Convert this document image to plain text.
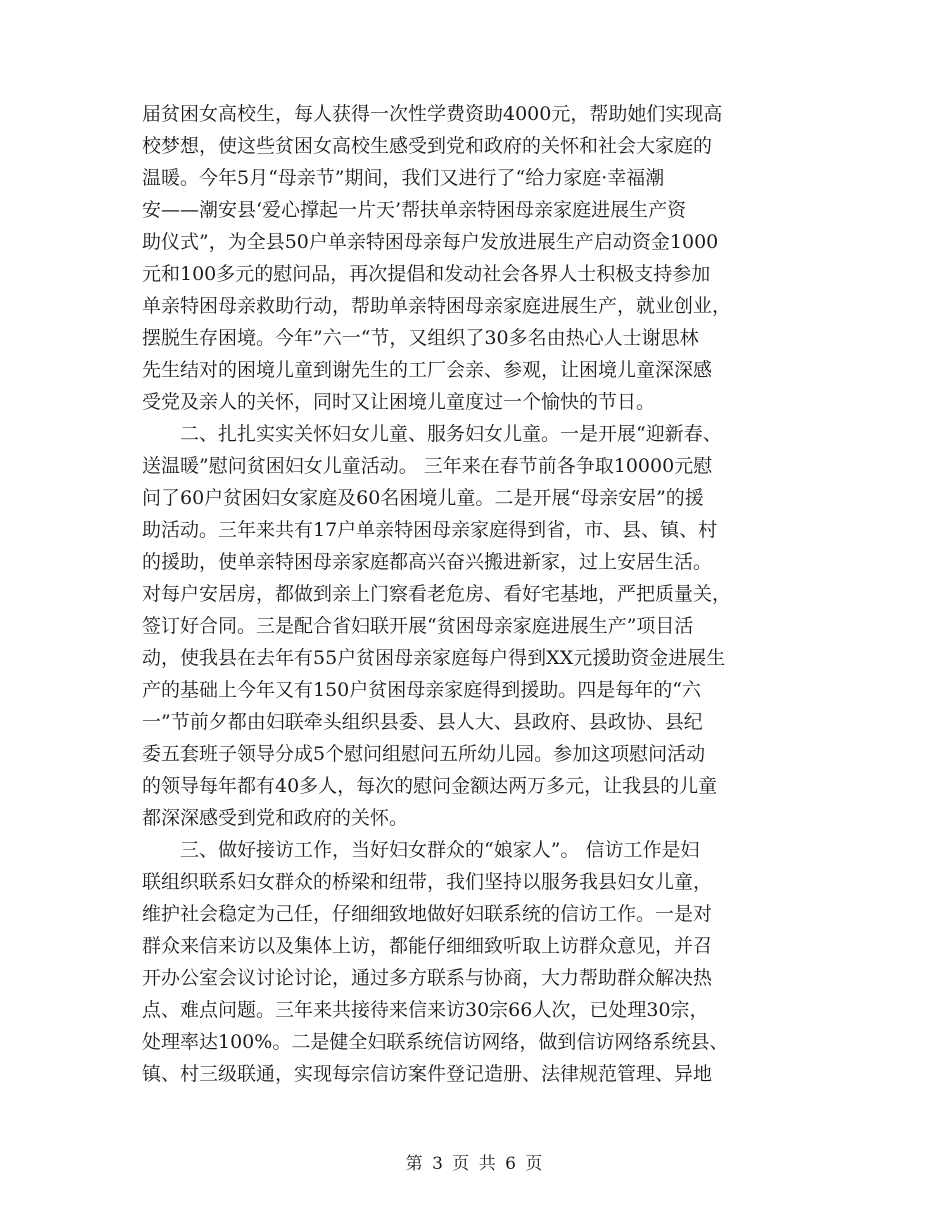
届贫困女高校生，每人获得一次性学费资助4000元，帮助她们实现高
校梦想，使这些贫困女高校生感受到党和政府的关怀和社会大家庭的
温暖。今年5月“母亲节”期间，我们又进行了“给力家庭·幸福潮
安——潮安县‘爱心撑起一片天’帮扶单亲特困母亲家庭进展生产资
助仪式”，为全县50户单亲特困母亲每户发放进展生产启动资金1000
元和100多元的慰问品，再次提倡和发动社会各界人士积极支持参加
单亲特困母亲救助行动，帮助单亲特困母亲家庭进展生产，就业创业，
摆脱生存困境。今年”六一“节，又组织了30多名由热心人士谢思林
先生结对的困境儿童到谢先生的工厂会亲、参观，让困境儿童深深感
受党及亲人的关怀，同时又让困境儿童度过一个愉快的节日。
　　二、扎扎实实关怀妇女儿童、服务妇女儿童。一是开展“迎新春、
送温暖”慰问贫困妇女儿童活动。 三年来在春节前各争取10000元慰
问了60户贫困妇女家庭及60名困境儿童。二是开展“母亲安居”的援
助活动。三年来共有17户单亲特困母亲家庭得到省，市、县、镇、村
的援助，使单亲特困母亲家庭都高兴奋兴搬进新家，过上安居生活。
对每户安居房，都做到亲上门察看老危房、看好宅基地，严把质量关，
签订好合同。三是配合省妇联开展“贫困母亲家庭进展生产”项目活
动，使我县在去年有55户贫困母亲家庭每户得到XX元援助资金进展生
产的基础上今年又有150户贫困母亲家庭得到援助。四是每年的“六
一”节前夕都由妇联牵头组织县委、县人大、县政府、县政协、县纪
委五套班子领导分成5个慰问组慰问五所幼儿园。参加这项慰问活动
的领导每年都有40多人，每次的慰问金额达两万多元，让我县的儿童
都深深感受到党和政府的关怀。
　　三、做好接访工作，当好妇女群众的“娘家人”。 信访工作是妇
联组织联系妇女群众的桥梁和纽带，我们坚持以服务我县妇女儿童，
维护社会稳定为己任，仔细细致地做好妇联系统的信访工作。一是对
群众来信来访以及集体上访，都能仔细细致听取上访群众意见，并召
开办公室会议讨论讨论，通过多方联系与协商，大力帮助群众解决热
点、难点问题。三年来共接待来信来访30宗66人次，已处理30宗，
处理率达100%。二是健全妇联系统信访网络，做到信访网络系统县、
镇、村三级联通，实现每宗信访案件登记造册、法律规范管理、异地
第 3 页 共 6 页
